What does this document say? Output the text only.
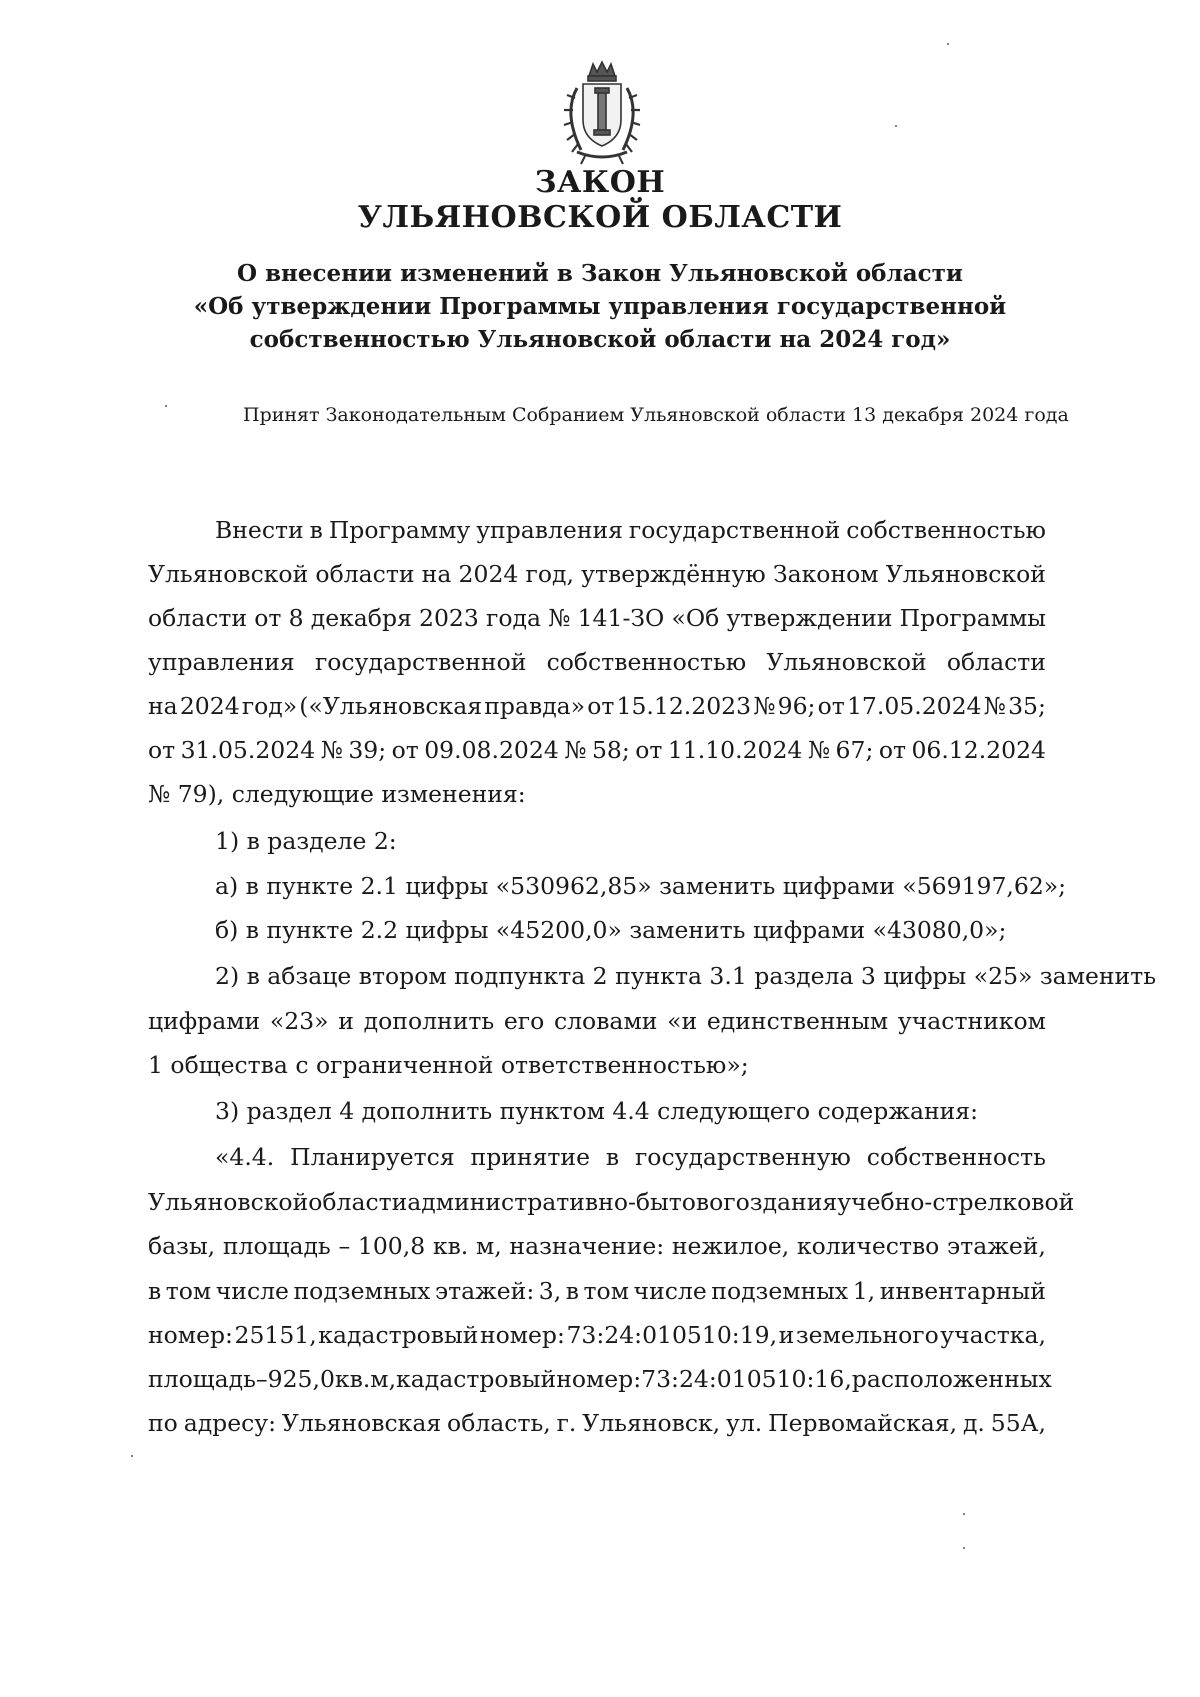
ЗАКОН
УЛЬЯНОВСКОЙ ОБЛАСТИ
О внесении изменений в Закон Ульяновской области
«Об утверждении Программы управления государственной
собственностью Ульяновской области на 2024 год»
Принят Законодательным Собранием Ульяновской области 13 декабря 2024 года
Внести в Программу управления государственной собственностью
Ульяновской области на 2024 год, утверждённую Законом Ульяновской
области от 8 декабря 2023 года № 141-ЗО «Об утверждении Программы
управления государственной собственностью Ульяновской области
на 2024 год» («Ульяновская правда» от 15.12.2023 № 96; от 17.05.2024 № 35;
от 31.05.2024 № 39; от 09.08.2024 № 58; от 11.10.2024 № 67; от 06.12.2024
№ 79), следующие изменения:
1) в разделе 2:
а) в пункте 2.1 цифры «530962,85» заменить цифрами «569197,62»;
б) в пункте 2.2 цифры «45200,0» заменить цифрами «43080,0»;
2) в абзаце втором подпункта 2 пункта 3.1 раздела 3 цифры «25» заменить
цифрами «23» и дополнить его словами «и единственным участником
1 общества с ограниченной ответственностью»;
3) раздел 4 дополнить пунктом 4.4 следующего содержания:
«4.4. Планируется принятие в государственную собственность
Ульяновской области административно-бытового здания учебно-стрелковой
базы, площадь – 100,8 кв. м, назначение: нежилое, количество этажей,
в том числе подземных этажей: 3, в том числе подземных 1, инвентарный
номер: 25151, кадастровый номер: 73:24:010510:19, и земельного участка,
площадь – 925,0 кв. м, кадастровый номер: 73:24:010510:16, расположенных
по адресу: Ульяновская область, г. Ульяновск, ул. Первомайская, д. 55А,
